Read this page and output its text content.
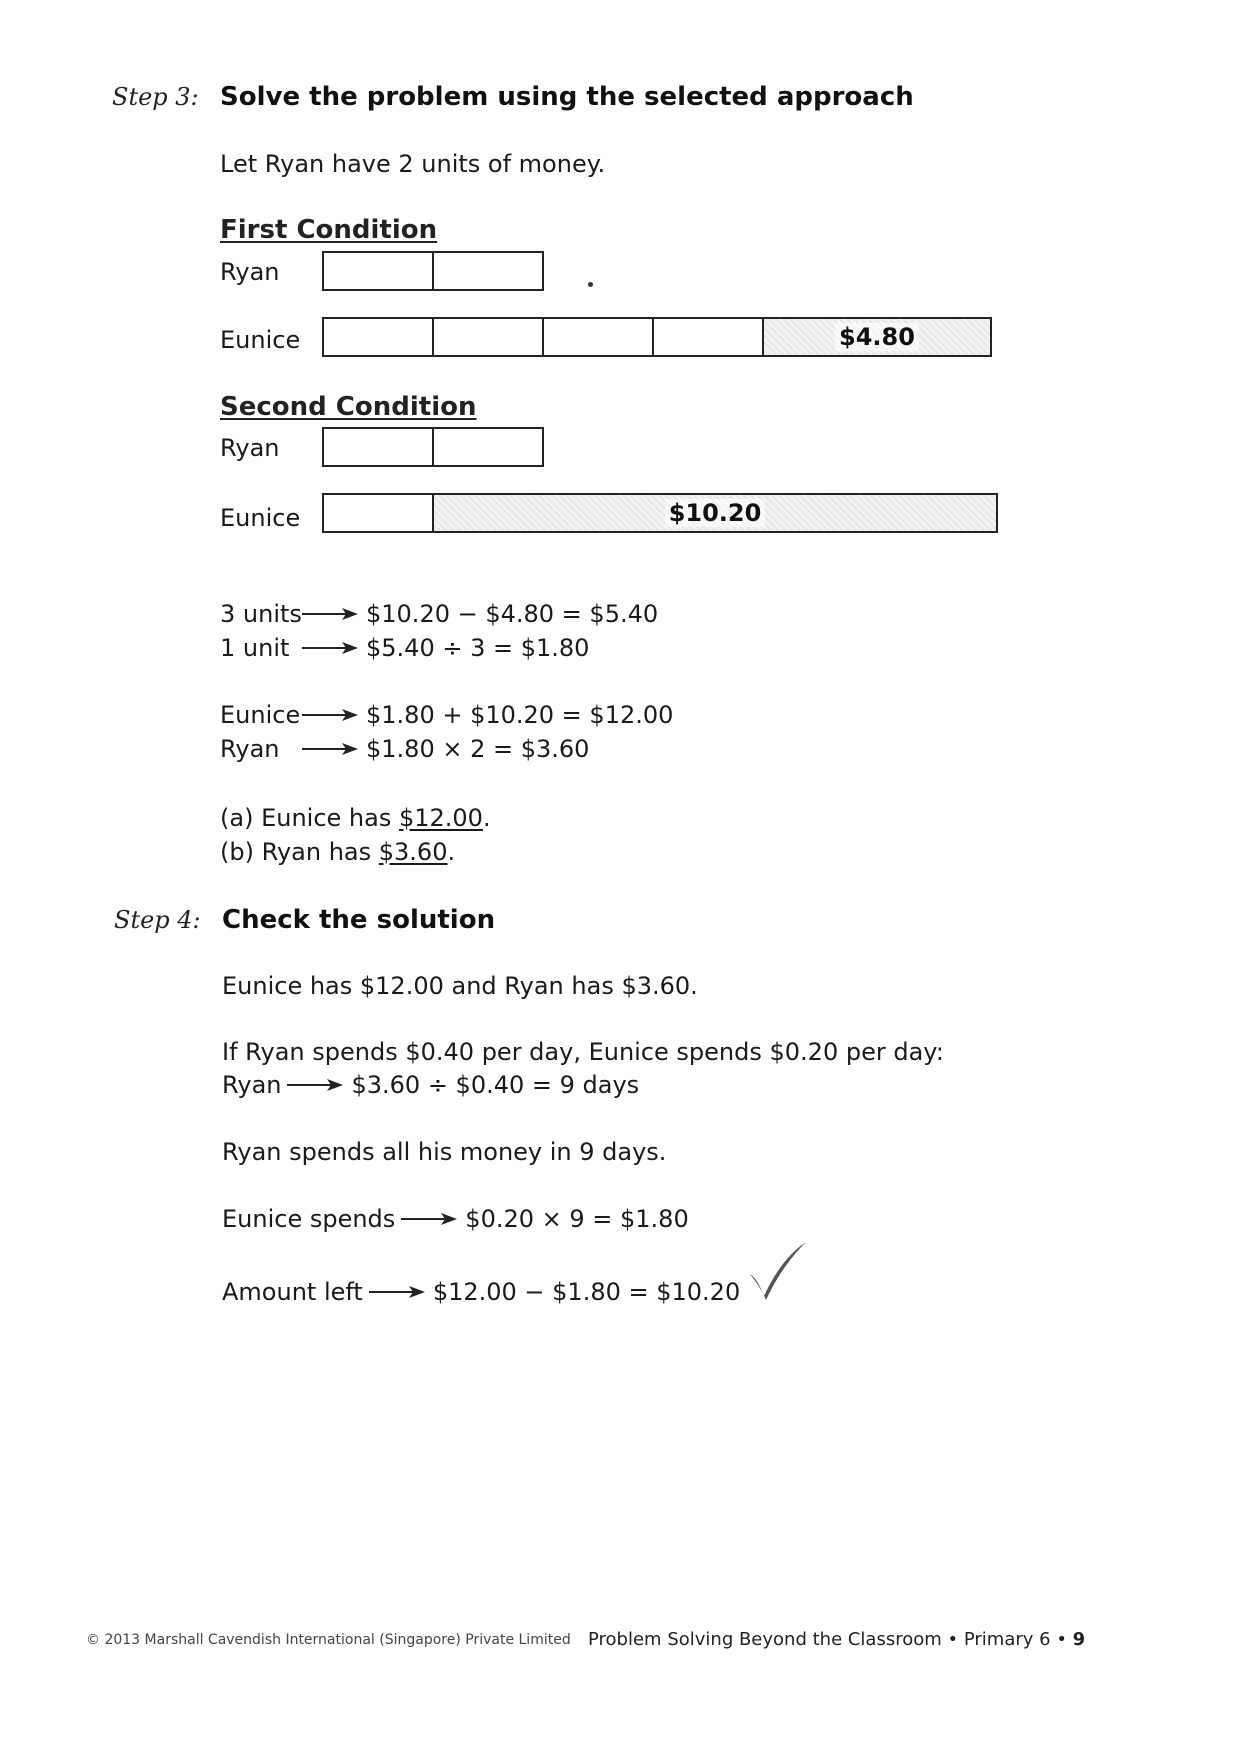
Step 3: Solve the problem using the selected approach
Let Ryan have 2 units of money.
First Condition
Ryan
Eunice	$4.80
Second Condition
Ryan
Eunice	$10.20
3 units	$10.20 − $4.80 = $5.40
1 unit	$5.40 ÷ 3 = $1.80
Eunice	$1.80 + $10.20 = $12.00
Ryan	$1.80 × 2 = $3.60
(a) Eunice has $12.00.
(b) Ryan has $3.60.
Step 4: Check the solution
Eunice has $12.00 and Ryan has $3.60.
If Ryan spends $0.40 per day, Eunice spends $0.20 per day:
Ryan	$3.60 ÷ $0.40 = 9 days
Ryan spends all his money in 9 days.
Eunice spends	$0.20 × 9 = $1.80
Amount left	$12.00 − $1.80 = $10.20
© 2013 Marshall Cavendish International (Singapore) Private Limited Problem Solving Beyond the Classroom • Primary 6 • 9
